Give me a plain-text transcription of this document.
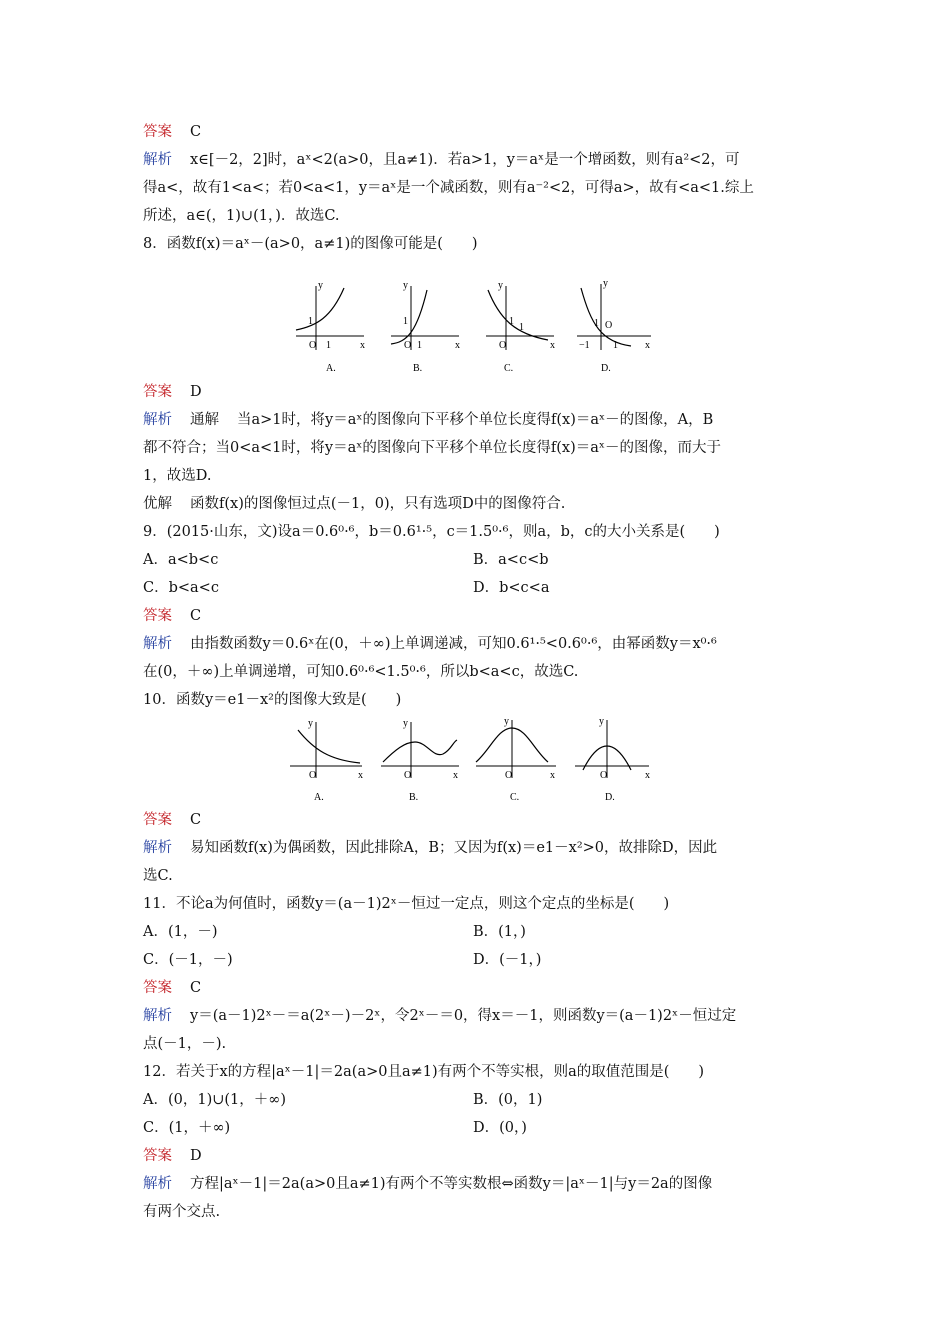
答案 C
解析 x∈[－2，2]时，aˣ<2(a>0，且a≠1)．若a>1，y＝aˣ是一个增函数，则有a²<2，可
得a<，故有1<a<；若0<a<1，y＝aˣ是一个减函数，则有a⁻²<2，可得a>，故有<a<1.综上
所述，a∈(，1)∪(1，)．故选C.
8．函数f(x)＝aˣ－(a>0，a≠1)的图像可能是(　　)
y
x
O 1
1
A.
y
x
O 1
1
B.
y
x
O
1
1
C.
y
x
O
−1
1
1
D.
答案 D
解析 通解 当a>1时，将y＝aˣ的图像向下平移个单位长度得f(x)＝aˣ－的图像，A，B
都不符合；当0<a<1时，将y＝aˣ的图像向下平移个单位长度得f(x)＝aˣ－的图像，而大于
1，故选D.
优解 函数f(x)的图像恒过点(－1，0)，只有选项D中的图像符合.
9．(2015·山东，文)设a＝0.6⁰·⁶，b＝0.6¹·⁵，c＝1.5⁰·⁶，则a，b，c的大小关系是(　　)
A．a<b<c	B．a<c<b
C．b<a<c	D．b<c<a
答案 C
解析 由指数函数y＝0.6ˣ在(0，＋∞)上单调递减，可知0.6¹·⁵<0.6⁰·⁶，由幂函数y＝x⁰·⁶
在(0，＋∞)上单调递增，可知0.6⁰·⁶<1.5⁰·⁶，所以b<a<c，故选C.
10．函数y＝e1－x²的图像大致是(　　)
y
x
O
A.
y
x
O
B.
y
x
O
C.
y
x
O
D.
答案 C
解析 易知函数f(x)为偶函数，因此排除A，B；又因为f(x)＝e1－x²>0，故排除D，因此
选C.
11．不论a为何值时，函数y＝(a－1)2ˣ－恒过一定点，则这个定点的坐标是(　　)
A．(1，－)	B．(1，)
C．(－1，－)	D．(－1，)
答案 C
解析 y＝(a－1)2ˣ－＝a(2ˣ－)－2ˣ，令2ˣ－＝0，得x＝－1，则函数y＝(a－1)2ˣ－恒过定
点(－1，－).
12．若关于x的方程|aˣ－1|＝2a(a>0且a≠1)有两个不等实根，则a的取值范围是(　　)
A．(0，1)∪(1，＋∞)	B．(0，1)
C．(1，＋∞)	D．(0，)
答案 D
解析 方程|aˣ－1|＝2a(a>0且a≠1)有两个不等实数根⇔函数y＝|aˣ－1|与y＝2a的图像
有两个交点.
